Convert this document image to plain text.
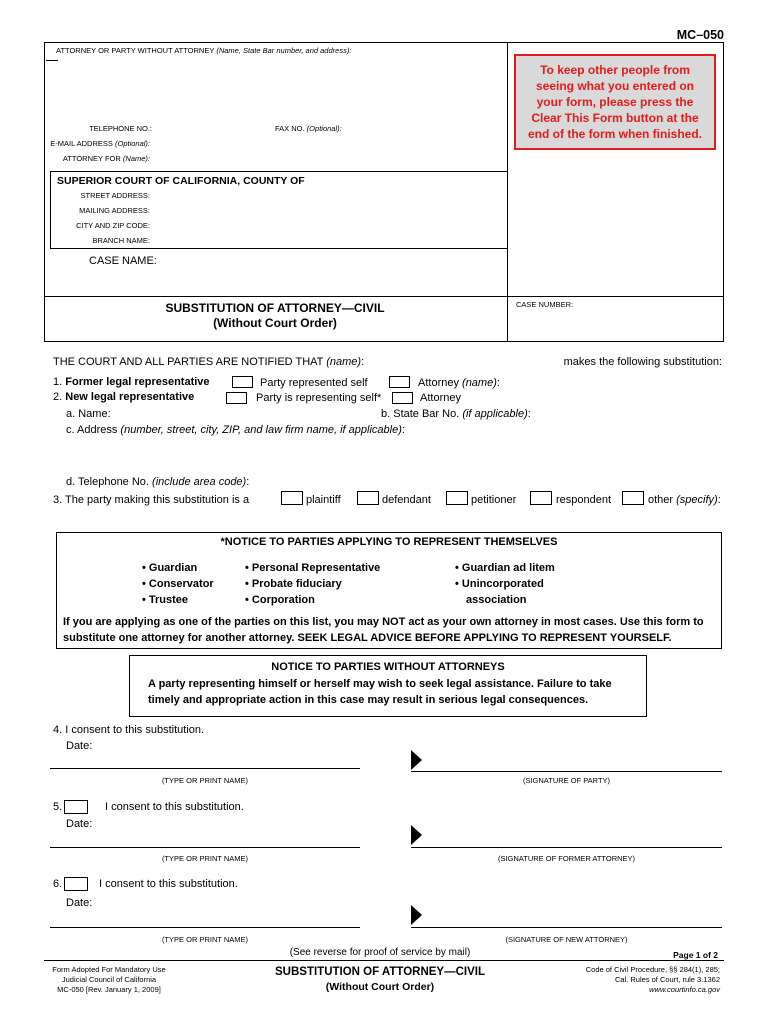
MC–050
ATTORNEY OR PARTY WITHOUT ATTORNEY (Name, State Bar number, and address):
TELEPHONE NO.:	FAX NO. (Optional):
E-MAIL ADDRESS (Optional):
ATTORNEY FOR (Name):
To keep other people from seeing what you entered on your form, please press the Clear This Form button at the end of the form when finished.
SUPERIOR COURT OF CALIFORNIA, COUNTY OF
STREET ADDRESS:
MAILING ADDRESS:
CITY AND ZIP CODE:
BRANCH NAME:
CASE NAME:
SUBSTITUTION OF ATTORNEY—CIVIL
(Without Court Order)
CASE NUMBER:
THE COURT AND ALL PARTIES ARE NOTIFIED THAT (name):	makes the following substitution:
1. Former legal representative	Party represented self	Attorney (name):
2. New legal representative	Party is representing self*	Attorney
a. Name:	b. State Bar No. (if applicable):
c. Address (number, street, city, ZIP, and law firm name, if applicable):
d. Telephone No. (include area code):
3. The party making this substitution is a	plaintiff	defendant	petitioner	respondent	other (specify):
*NOTICE TO PARTIES APPLYING TO REPRESENT THEMSELVES
• Guardian
• Conservator
• Trustee
• Personal Representative
• Probate fiduciary
• Corporation
• Guardian ad litem
• Unincorporated
association
If you are applying as one of the parties on this list, you may NOT act as your own attorney in most cases. Use this form to substitute one attorney for another attorney. SEEK LEGAL ADVICE BEFORE APPLYING TO REPRESENT YOURSELF.
NOTICE TO PARTIES WITHOUT ATTORNEYS
A party representing himself or herself may wish to seek legal assistance. Failure to take timely and appropriate action in this case may result in serious legal consequences.
4. I consent to this substitution.
Date:
(TYPE OR PRINT NAME)	(SIGNATURE OF PARTY)
5.	I consent to this substitution.
Date:
(TYPE OR PRINT NAME)	(SIGNATURE OF FORMER ATTORNEY)
6.	I consent to this substitution.
Date:
(TYPE OR PRINT NAME)	(SIGNATURE OF NEW ATTORNEY)
(See reverse for proof of service by mail)	Page 1 of 2
Form Adopted For Mandatory Use
Judicial Council of California
MC-050 [Rev. January 1, 2009]
SUBSTITUTION OF ATTORNEY—CIVIL
(Without Court Order)
Code of Civil Procedure, §§ 284(1), 285;
Cal. Rules of Court, rule 3.1362
www.courtinfo.ca.gov
